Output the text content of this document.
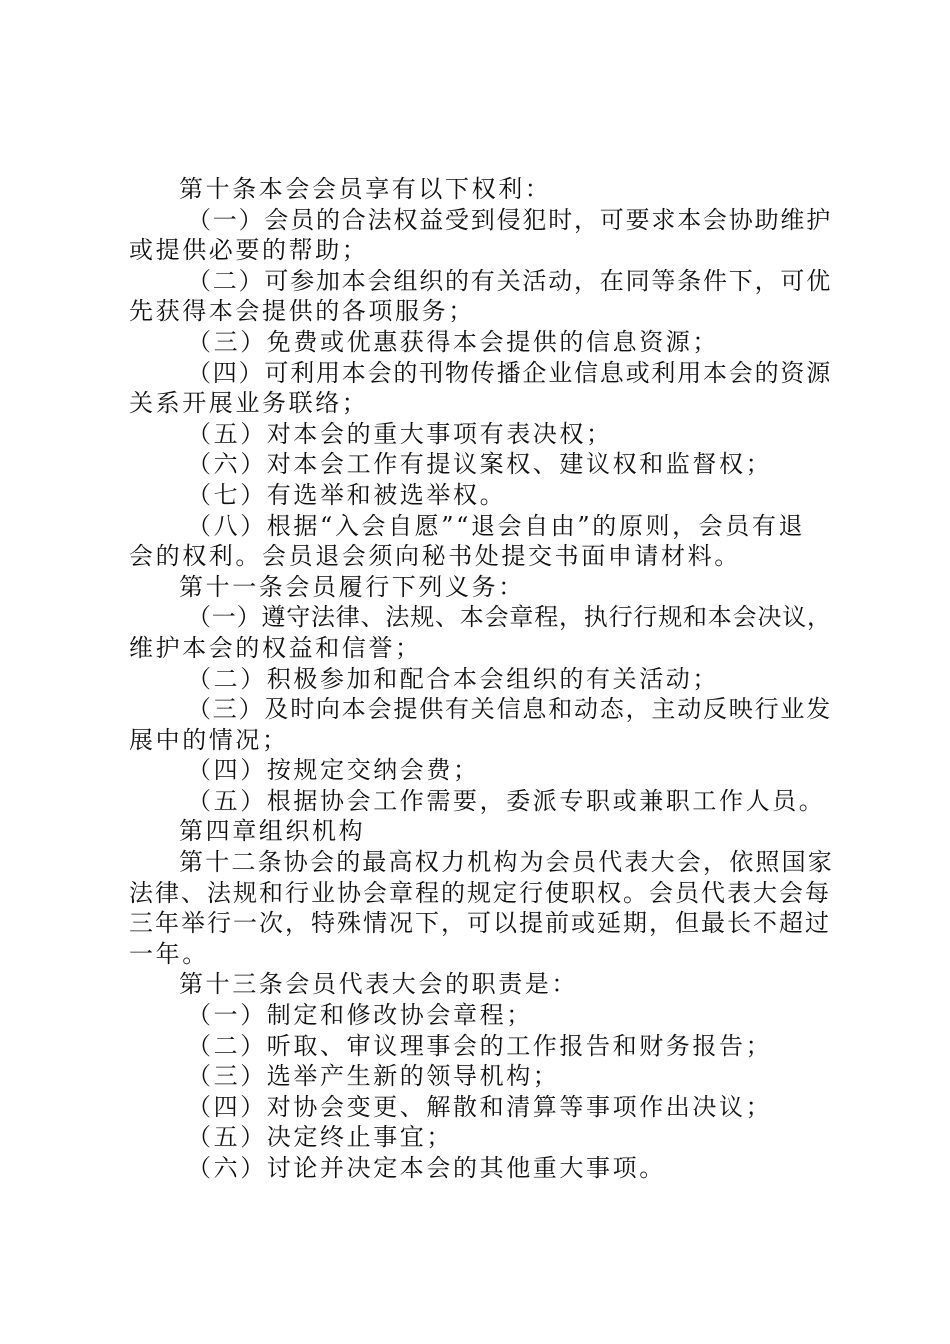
第十条本会会员享有以下权利：
（一）会员的合法权益受到侵犯时，可要求本会协助维护
或提供必要的帮助；
（二）可参加本会组织的有关活动，在同等条件下，可优
先获得本会提供的各项服务；
（三）免费或优惠获得本会提供的信息资源；
（四）可利用本会的刊物传播企业信息或利用本会的资源
关系开展业务联络；
（五）对本会的重大事项有表决权；
（六）对本会工作有提议案权、建议权和监督权；
（七）有选举和被选举权。
（八）根据“入会自愿”“退会自由”的原则，会员有退
会的权利。会员退会须向秘书处提交书面申请材料。
第十一条会员履行下列义务：
（一）遵守法律、法规、本会章程，执行行规和本会决议，
维护本会的权益和信誉；
（二）积极参加和配合本会组织的有关活动；
（三）及时向本会提供有关信息和动态，主动反映行业发
展中的情况；
（四）按规定交纳会费；
（五）根据协会工作需要，委派专职或兼职工作人员。
第四章组织机构
第十二条协会的最高权力机构为会员代表大会，依照国家
法律、法规和行业协会章程的规定行使职权。会员代表大会每
三年举行一次，特殊情况下，可以提前或延期，但最长不超过
一年。
第十三条会员代表大会的职责是：
（一）制定和修改协会章程；
（二）听取、审议理事会的工作报告和财务报告；
（三）选举产生新的领导机构；
（四）对协会变更、解散和清算等事项作出决议；
（五）决定终止事宜；
（六）讨论并决定本会的其他重大事项。
